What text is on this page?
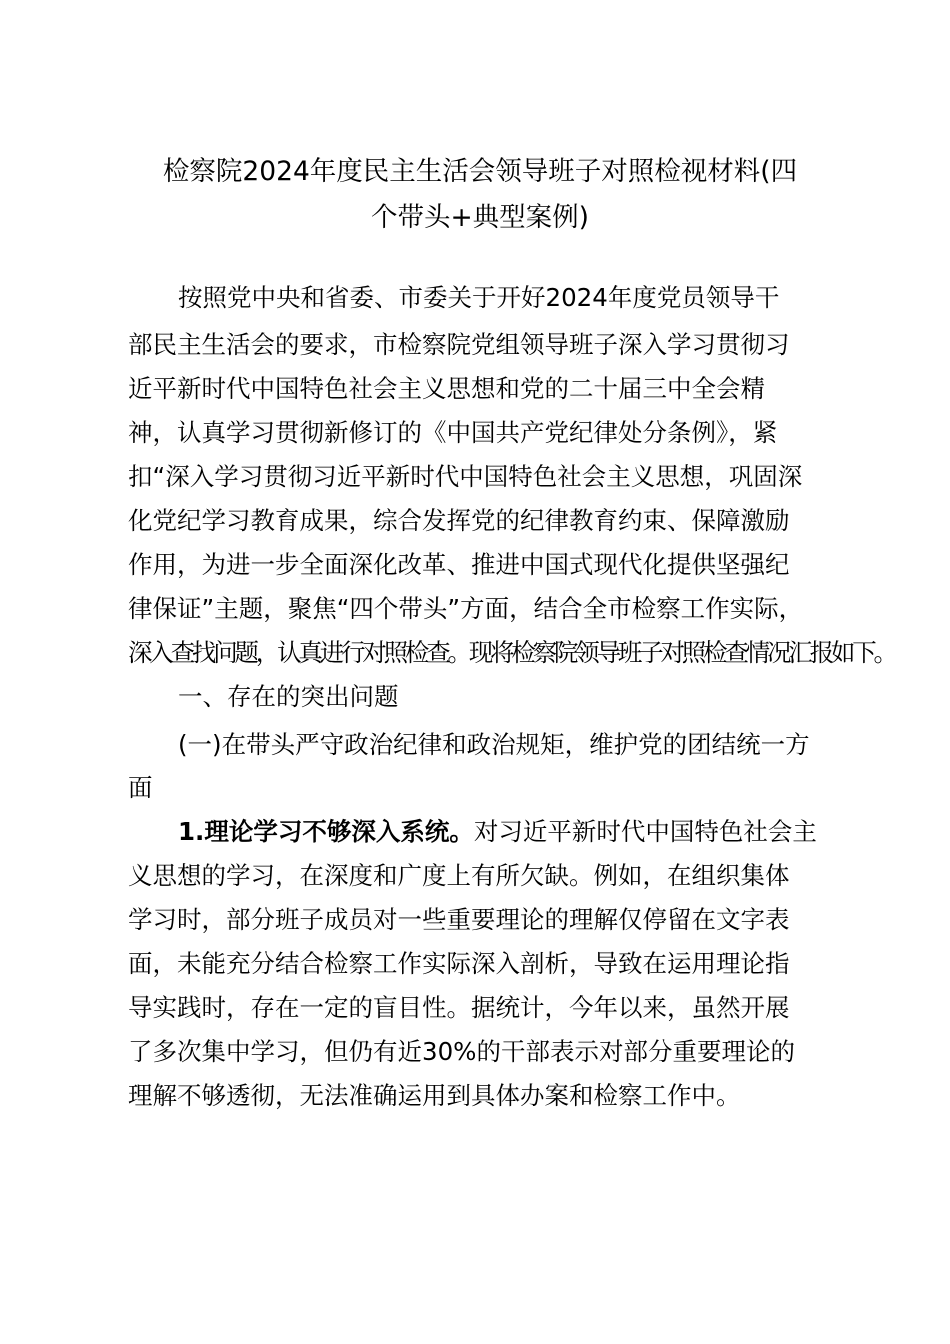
检察院2024年度民主生活会领导班子对照检视材料(四
个带头+典型案例)
按照党中央和省委、市委关于开好2024年度党员领导干
部民主生活会的要求，市检察院党组领导班子深入学习贯彻习
近平新时代中国特色社会主义思想和党的二十届三中全会精
神，认真学习贯彻新修订的《中国共产党纪律处分条例》，紧
扣“深入学习贯彻习近平新时代中国特色社会主义思想，巩固深
化党纪学习教育成果，综合发挥党的纪律教育约束、保障激励
作用，为进一步全面深化改革、推进中国式现代化提供坚强纪
律保证”主题，聚焦“四个带头”方面，结合全市检察工作实际，
深入查找问题，认真进行对照检查。现将检察院领导班子对照检查情况汇报如下。
一、存在的突出问题
(一)在带头严守政治纪律和政治规矩，维护党的团结统一方
面
1.理论学习不够深入系统。对习近平新时代中国特色社会主
义思想的学习，在深度和广度上有所欠缺。例如，在组织集体
学习时，部分班子成员对一些重要理论的理解仅停留在文字表
面，未能充分结合检察工作实际深入剖析，导致在运用理论指
导实践时，存在一定的盲目性。据统计，今年以来，虽然开展
了多次集中学习，但仍有近30%的干部表示对部分重要理论的
理解不够透彻，无法准确运用到具体办案和检察工作中。
